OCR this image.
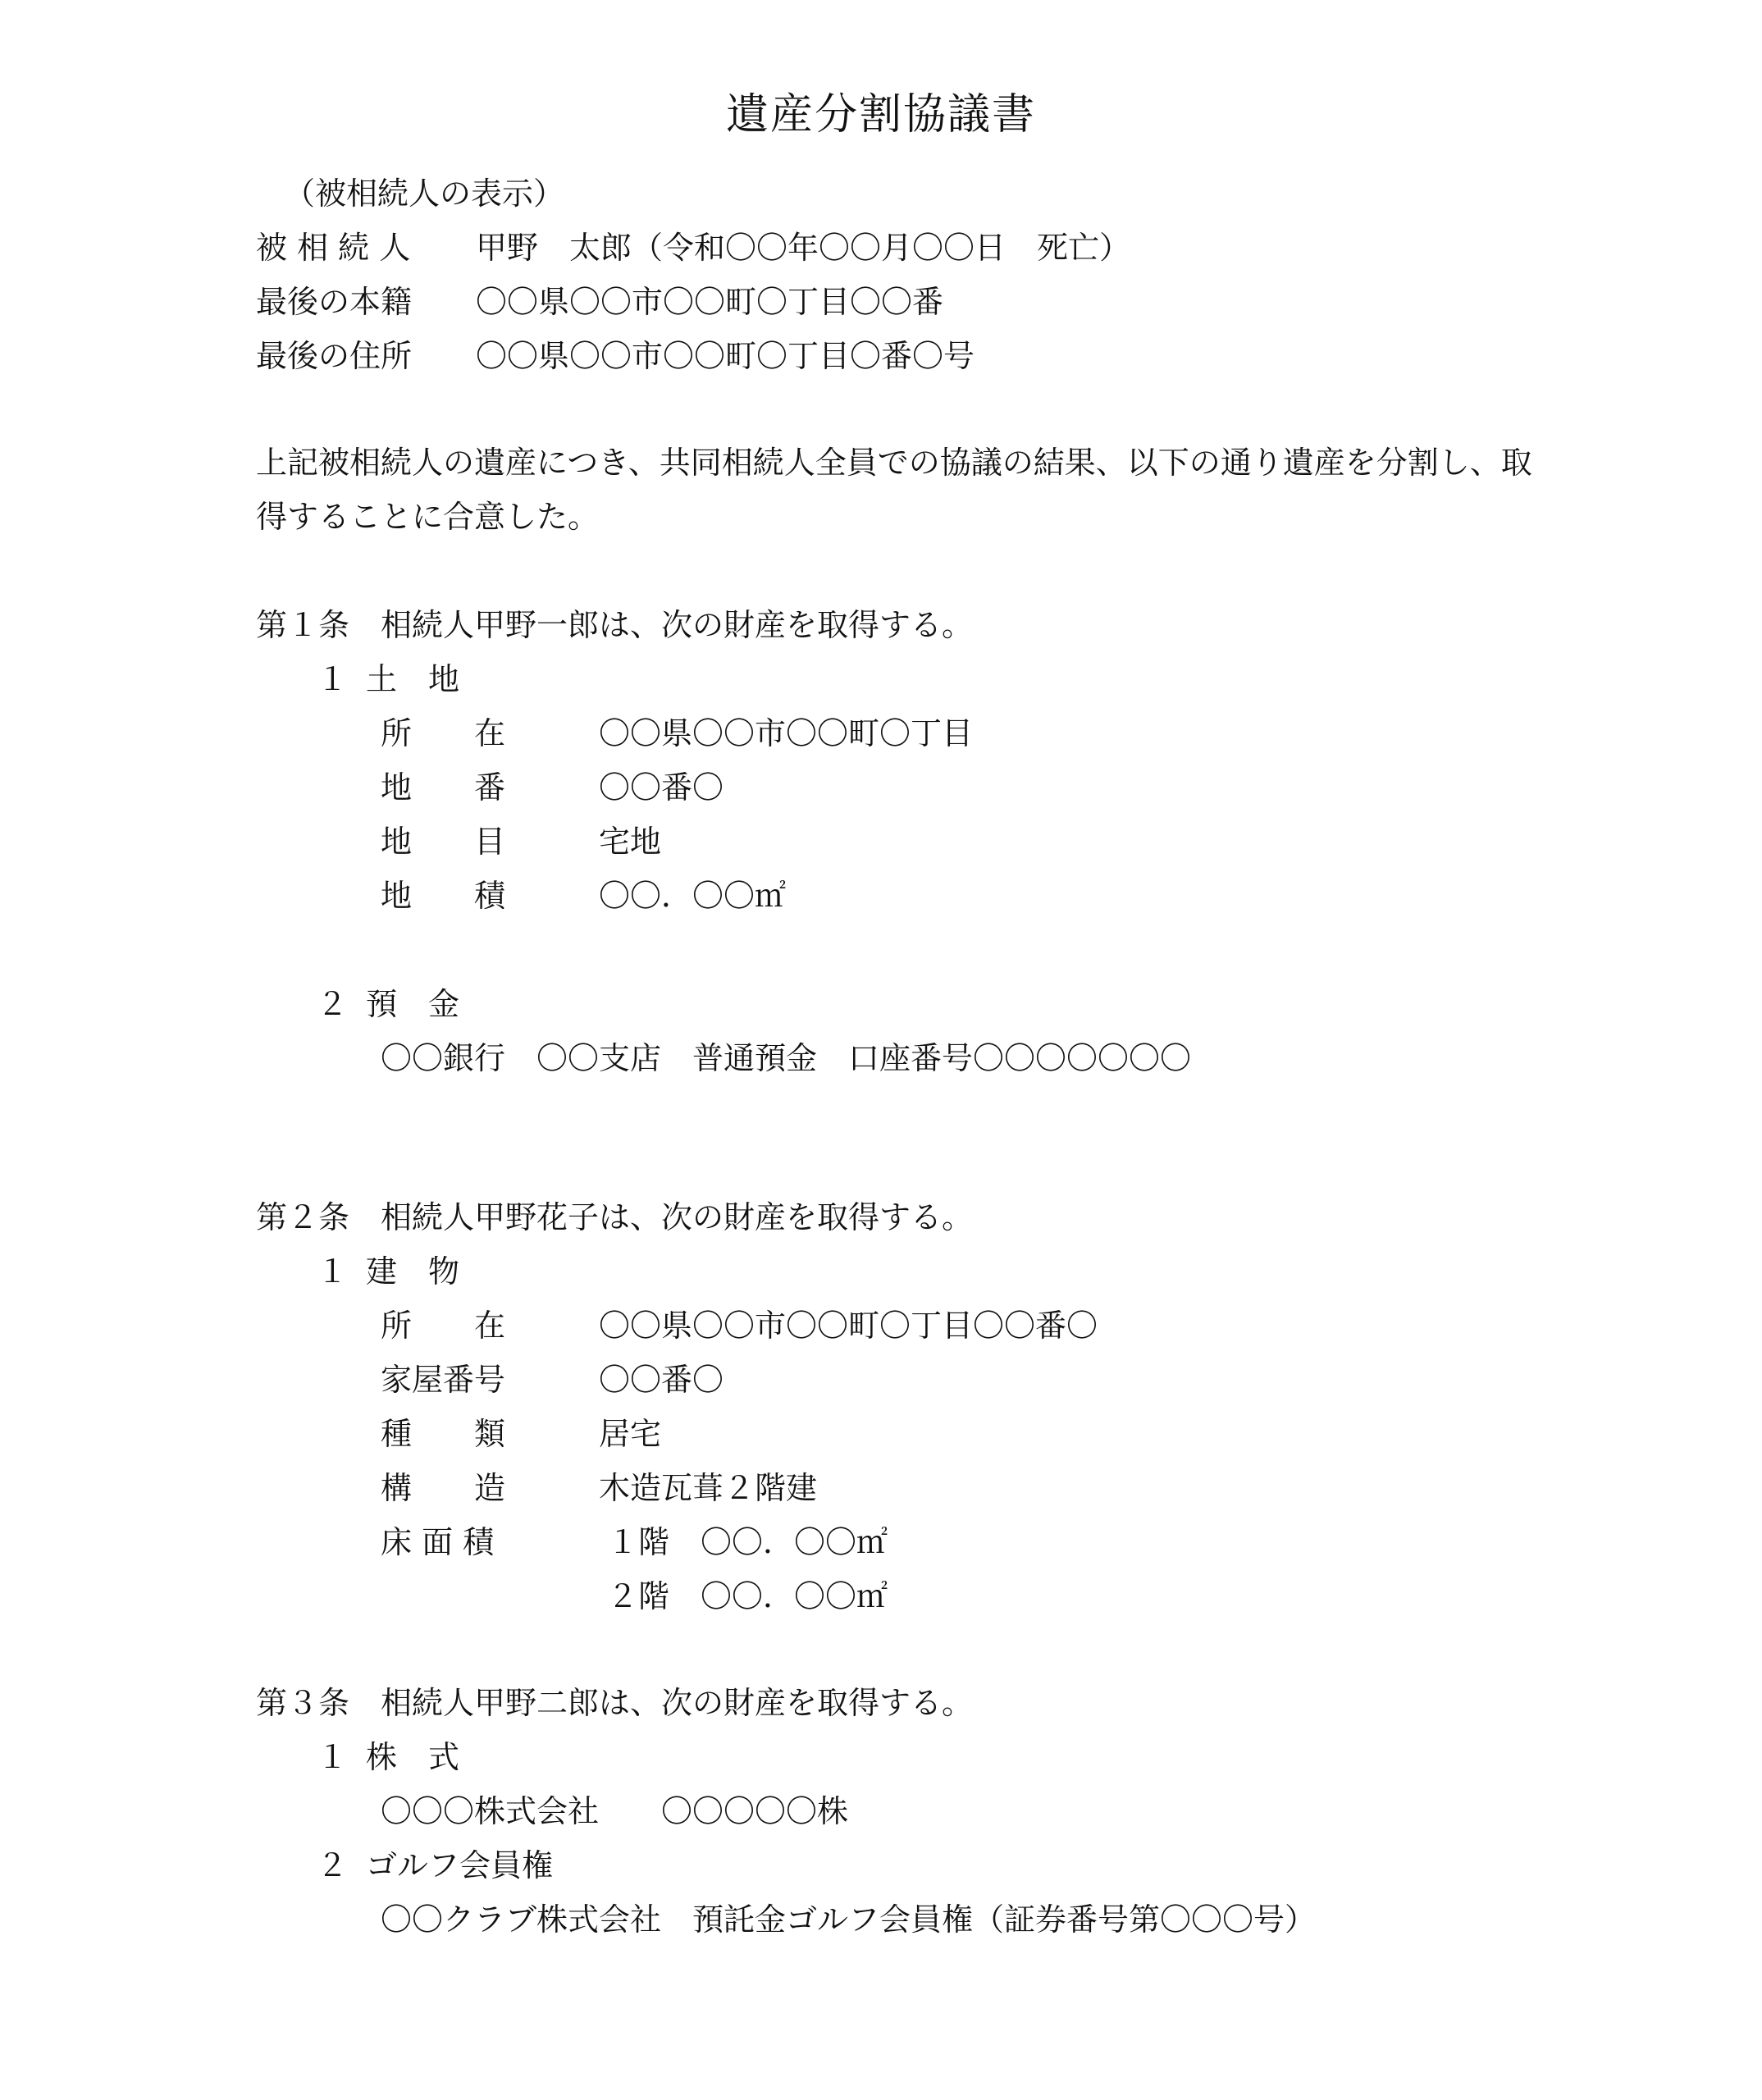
遺産分割協議書
（被相続人の表示）
被 相 続 人 甲野　太郎（令和〇〇年〇〇月〇〇日　死亡）
最後の本籍 〇〇県〇〇市〇〇町〇丁目〇〇番
最後の住所 〇〇県〇〇市〇〇町〇丁目〇番〇号
上記被相続人の遺産につき、共同相続人全員での協議の結果、以下の通り遺産を分割し、取
得することに合意した。
第１条　相続人甲野一郎は、次の財産を取得する。
１ 土　地
所　　在	〇〇県〇〇市〇〇町〇丁目
地　　番	〇〇番〇
地　　目	宅地
地　　積	〇〇．〇〇㎡
２ 預　金
〇〇銀行　〇〇支店　普通預金　口座番号〇〇〇〇〇〇〇
第２条　相続人甲野花子は、次の財産を取得する。
１ 建　物
所　　在	〇〇県〇〇市〇〇町〇丁目〇〇番〇
家屋番号	〇〇番〇
種　　類	居宅
構　　造	木造瓦葺２階建
床 面 積	１階　〇〇．〇〇㎡
２階　〇〇．〇〇㎡
第３条　相続人甲野二郎は、次の財産を取得する。
１ 株　式
〇〇〇株式会社　　〇〇〇〇〇株
２ ゴルフ会員権
〇〇クラブ株式会社　預託金ゴルフ会員権（証券番号第〇〇〇号）
